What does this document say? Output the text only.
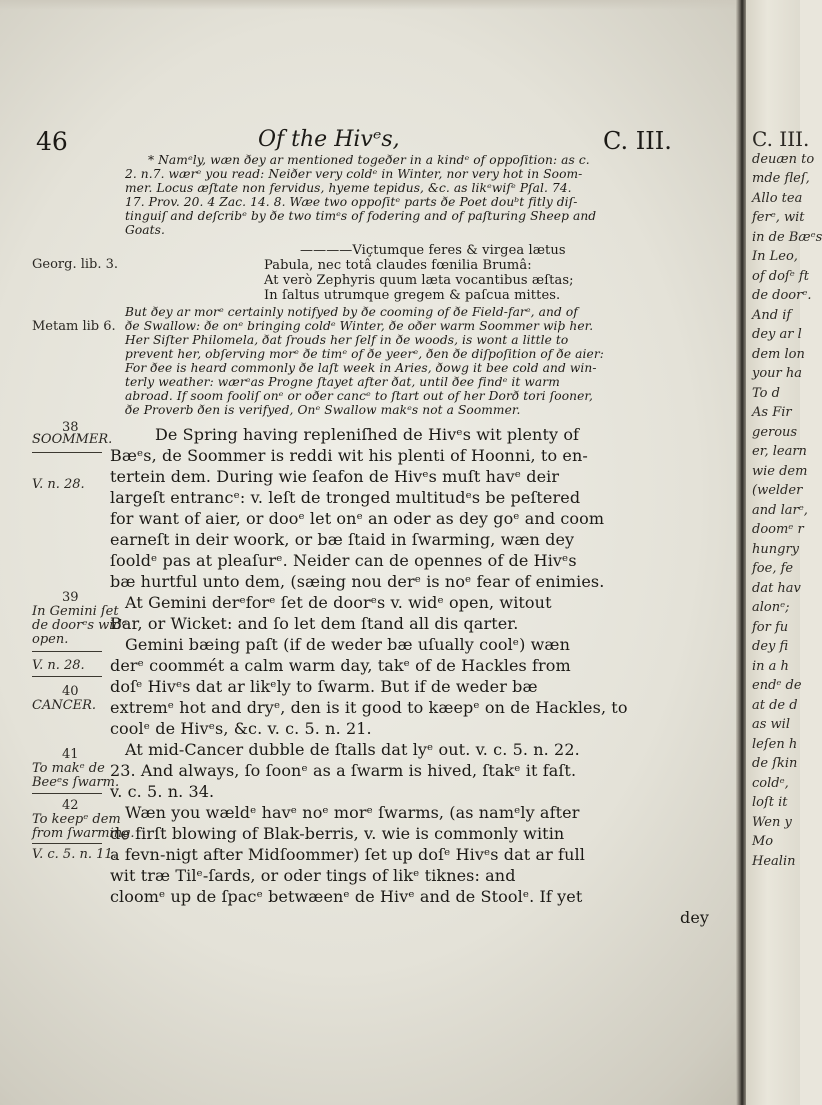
C. III.
deuæn to
mde fleſ,
Allo tea
ferᵉ, wit
in de Bæᵉs
In Leo,
of doſᵉ ft
de doorᵉ.
And if
dey ar l
dem lon
your ha
To d
As Fir
gerous
er, learn
wie dem
(welder
and larᵉ,
doomᵉ r
hungry
foe, fe
dat hav
alonᵉ;
for fu
dey fi
in a h
endᵉ de
at de d
as wil
leſen h
de ſkin
coldᵉ,
loſt it
Wen y
Mo
Healin
46	Of the Hivᵉs,	C. III.
* Namᵉly, wæn ðey ar mentioned togeðer in a kindᵉ of oppoſition: as c.
2. n.7. wærᵉ you read: Neiðer very coldᵉ in Winter, nor very hot in Soom-
mer. Locus æſtate non fervidus, hyeme tepidus, &c. as likᵉwiſᵉ Pſal. 74.
17. Prov. 20. 4 Zac. 14. 8. Wæe two oppoſitᵉ parts ðe Poet douᵇt fitly diſ-
tinguiſ and deſcribᵉ by ðe two timᵉs of fodering and of paſturing Sheep and
Goats.
————Viçtumque feres & virgea lætus
Pabula, nec totâ claudes fœnilia Brumâ:
At verò Zephyris quum læta vocantibus æſtas;
In ſaltus utrumque gregem & paſcua mittes.
But ðey ar morᵉ certainly notifyed by ðe cooming of ðe Field-farᵉ, and of
ðe Swallow: ðe onᵉ bringing coldᵉ Winter, ðe oðer warm Soommer wiþ her.
Her Siſter Philomela, ðat ſrouds her ſelf in ðe woods, is wont a little to
prevent her, obſerving morᵉ ðe timᵉ of ðe yeerᵉ, ðen ðe diſpoſition of ðe aier:
For ðee is heard commonly ðe laſt week in Aries, ðowg it bee cold and win-
terly weather: wærᵉas Progne ſtayet after ðat, until ðee findᵉ it warm
abroad. If soom fooliſ onᵉ or oðer cancᵉ to ſtart out of her Dorð tori ſooner,
ðe Proverb ðen is verifyed, Onᵉ Swallow makᵉs not a Soommer.
De Spring having repleniſhed de Hivᵉs wit plenty of
Bæᵉs, de Soommer is reddi wit his plenti of Hoonni, to en-
tertein dem. During wie ſeafon de Hivᵉs muſt havᵉ deir
largeſt entrancᵉ: v. leſt de tronged multitudᵉs be peſtered
for want of aier, or dooᵉ let onᵉ an oder as dey goᵉ and coom
earneſt in deir woork, or bæ ſtaid in ſwarming, wæn dey
ſooldᵉ pas at pleaſurᵉ. Neider can de opennes of de Hivᵉs
bæ hurtful unto dem, (sæing nou derᵉ is noᵉ fear of enimies.
At Gemini derᵉforᵉ ſet de doorᵉs v. widᵉ open, witout
Bar, or Wicket: and ſo let dem ſtand all dis qarter.
Gemini bæing paſt (if de weder bæ uſually coolᵉ) wæn
derᵉ coommét a calm warm day, takᵉ of de Hackles from
doſᵉ Hivᵉs dat ar likᵉly to ſwarm. But if de weder bæ
extremᵉ hot and dryᵉ, den is it good to kæepᵉ on de Hackles, to
coolᵉ de Hivᵉs, &c. v. c. 5. n. 21.
At mid-Cancer dubble de ſtalls dat lyᵉ out. v. c. 5. n. 22.
23. And always, ſo ſoonᵉ as a ſwarm is hived, ſtakᵉ it faſt.
v. c. 5. n. 34.
Wæn you wældᵉ havᵉ noᵉ morᵉ ſwarms, (as namᵉly after
de firſt blowing of Blak-berris, v. wie is commonly witin
a fevn-nigt after Midſoommer) ſet up doſᵉ Hivᵉs dat ar full
wit træ Tilᵉ-ſards, or oder tings of likᵉ tiknes: and
cloomᵉ up de ſpacᵉ betwæenᵉ de Hivᵉ and de Stoolᵉ. If yet
dey
Georg. lib. 3.
Metam lib 6.
38
SOOMMER.
V. n. 28.
39
In Gemini ſet
de doorᵉs widᵉ
open.
V. n. 28.
40
CANCER.
41
To makᵉ de
Beeᵉs ſwarm.
42
To keepᵉ dem
from ſwarming.
V. c. 5. n. 11.
